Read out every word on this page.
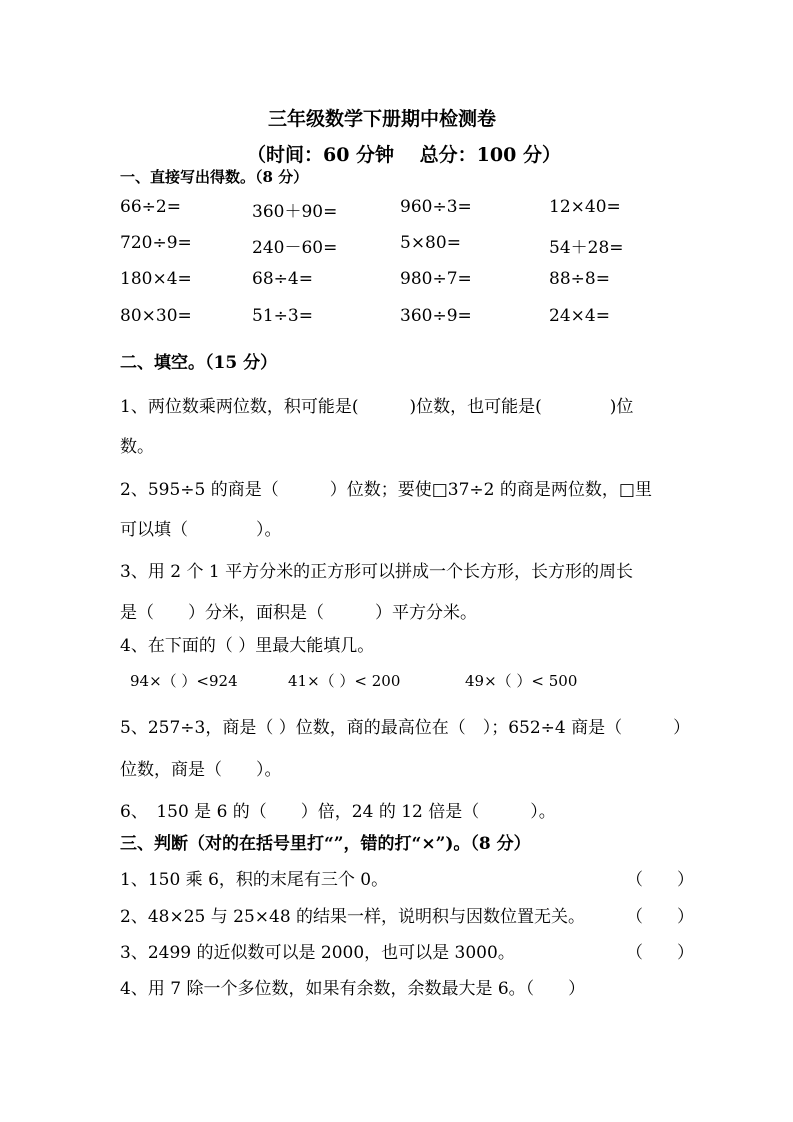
三年级数学下册期中检测卷
（时间：60 分钟　 总分：100 分）
一、直接写出得数。（8 分）
66÷2=	360＋90=	960÷3=	12×40=
720÷9=	240－60=	5×80=	54＋28=
180×4=	68÷4=	980÷7=	88÷8=
80×30=	51÷3=	360÷9=	24×4=
二、填空。（15 分）
1、两位数乘两位数，积可能是(　　　)位数，也可能是(　　　　)位
数。
2、595÷5 的商是（　　　）位数；要使□37÷2 的商是两位数，□里
可以填（　　　　）。
3、用 2 个 1 平方分米的正方形可以拼成一个长方形，长方形的周长
是（　　）分米，面积是（　　　）平方分米。
4、在下面的（ ）里最大能填几。
94×（ ）<924	41×（ ）< 200	49×（ ）< 500
5、257÷3，商是（ ）位数，商的最高位在（　）；652÷4 商是（　　　）
位数，商是（　　）。
6、　150 是 6 的（　　）倍，24 的 12 倍是（　　　）。
三、判断（对的在括号里打“”，错的打“×”)。（8 分）
1、150 乘 6，积的末尾有三个 0。	（　　）
2、48×25 与 25×48 的结果一样，说明积与因数位置无关。 （　　）
3、2499 的近似数可以是 2000，也可以是 3000。	（　　）
4、用 7 除一个多位数，如果有余数，余数最大是 6。（　　）
